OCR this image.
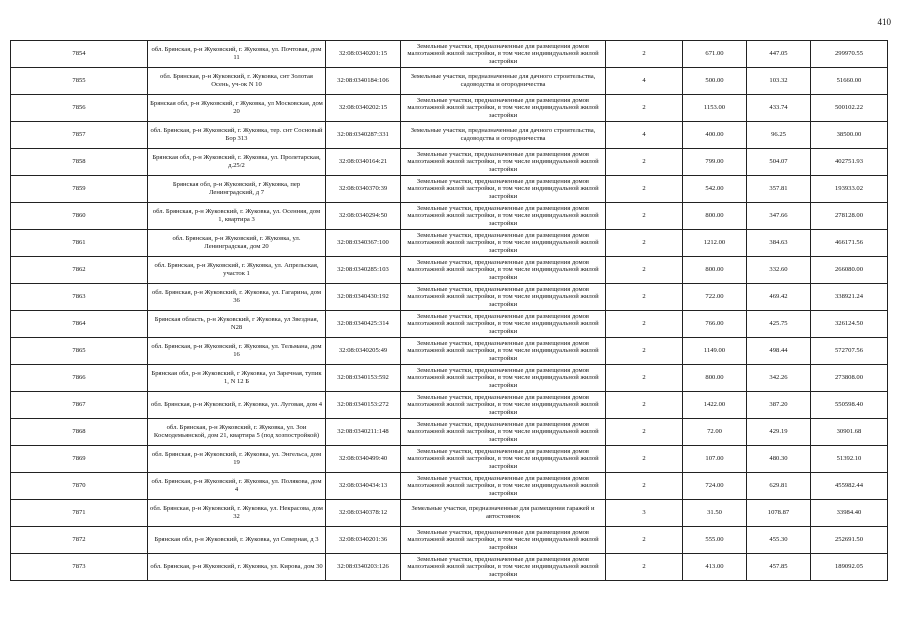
410
7854	обл. Брянская, р-н Жуковский, г. Жуковка, ул. Почтовая, дом 11	32:08:0340201:15	Земельные участки, предназначенные для размещения домов малоэтажной жилой застройки, в том числе индивидуальной жилой застройки	2	671.00	447.05	299970.55
7855	обл. Брянская, р-н Жуковский, г. Жуковка, снт Золотая Осень, уч-ок N 10	32:08:0340184:106	Земельные участки, предназначенные для дачного строительства, садоводства и огородничества	4	500.00	103.32	51660.00
7856	Брянская обл, р-н Жуковский, г Жуковка, ул Московская, дом 20	32:08:0340202:15	Земельные участки, предназначенные для размещения домов малоэтажной жилой застройки, в том числе индивидуальной жилой застройки	2	1153.00	433.74	500102.22
7857	обл. Брянская, р-н Жуковский, г. Жуковка, тер. снт Сосновый Бор 313	32:08:0340287:331	Земельные участки, предназначенные для дачного строительства, садоводства и огородничества	4	400.00	96.25	38500.00
7858	Брянская обл, р-н Жуковский, г. Жуковка, ул. Пролетарская, д.25/2	32:08:0340164:21	Земельные участки, предназначенные для размещения домов малоэтажной жилой застройки, в том числе индивидуальной жилой застройки	2	799.00	504.07	402751.93
7859	Брянская обл, р-н Жуковский, г Жуковка, пер Ленинградский, д 7	32:08:0340370:39	Земельные участки, предназначенные для размещения домов малоэтажной жилой застройки, в том числе индивидуальной жилой застройки	2	542.00	357.81	193933.02
7860	обл. Брянская, р-н Жуковский, г. Жуковка, ул. Осенняя, дом 1, квартира 3	32:08:0340294:50	Земельные участки, предназначенные для размещения домов малоэтажной жилой застройки, в том числе индивидуальной жилой застройки	2	800.00	347.66	278128.00
7861	обл. Брянская, р-н Жуковский, г. Жуковка, ул. Ленинградская, дом 20	32:08:0340367:100	Земельные участки, предназначенные для размещения домов малоэтажной жилой застройки, в том числе индивидуальной жилой застройки	2	1212.00	384.63	466171.56
7862	обл. Брянская, р-н Жуковский, г. Жуковка, ул. Апрельская, участок 1	32:08:0340285:103	Земельные участки, предназначенные для размещения домов малоэтажной жилой застройки, в том числе индивидуальной жилой застройки	2	800.00	332.60	266080.00
7863	обл. Брянская, р-н Жуковский, г. Жуковка, ул. Гагарина, дом 36	32:08:0340430:192	Земельные участки, предназначенные для размещения домов малоэтажной жилой застройки, в том числе индивидуальной жилой застройки	2	722.00	469.42	338921.24
7864	Брянская область, р-н Жуковский, г Жуковка, ул Звездная, N28	32:08:0340425:314	Земельные участки, предназначенные для размещения домов малоэтажной жилой застройки, в том числе индивидуальной жилой застройки	2	766.00	425.75	326124.50
7865	обл. Брянская, р-н Жуковский, г. Жуковка, ул. Тельмана, дом 16	32:08:0340205:49	Земельные участки, предназначенные для размещения домов малоэтажной жилой застройки, в том числе индивидуальной жилой застройки	2	1149.00	498.44	572707.56
7866	Брянская обл, р-н Жуковский, г Жуковка, ул Заречная, тупик 1, N 12 Б	32:08:0340153:592	Земельные участки, предназначенные для размещения домов малоэтажной жилой застройки, в том числе индивидуальной жилой застройки	2	800.00	342.26	273808.00
7867	обл. Брянская, р-н Жуковский, г. Жуковка, ул. Луговая, дом 4	32:08:0340153:272	Земельные участки, предназначенные для размещения домов малоэтажной жилой застройки, в том числе индивидуальной жилой застройки	2	1422.00	387.20	550598.40
7868	обл. Брянская, р-н Жуковский, г. Жуковка, ул. Зои Космодемьянской, дом 21, квартира 5 (под хозпостройкой)	32:08:0340211:148	Земельные участки, предназначенные для размещения домов малоэтажной жилой застройки, в том числе индивидуальной жилой застройки	2	72.00	429.19	30901.68
7869	обл. Брянская, р-н Жуковский, г. Жуковка, ул. Энгельса, дом 19	32:08:0340499:40	Земельные участки, предназначенные для размещения домов малоэтажной жилой застройки, в том числе индивидуальной жилой застройки	2	107.00	480.30	51392.10
7870	обл. Брянская, р-н Жуковский, г. Жуковка, ул. Полякова, дом 4	32:08:0340434:13	Земельные участки, предназначенные для размещения домов малоэтажной жилой застройки, в том числе индивидуальной жилой застройки	2	724.00	629.81	455982.44
7871	обл. Брянская, р-н Жуковский, г. Жуковка, ул. Некрасова, дом 32	32:08:0340378:12	Земельные участки, предназначенные для размещения гаражей и автостоянок	3	31.50	1078.87	33984.40
7872	Брянская обл, р-н Жуковский, г. Жуковка, ул Северная, д 3	32:08:0340201:36	Земельные участки, предназначенные для размещения домов малоэтажной жилой застройки, в том числе индивидуальной жилой застройки	2	555.00	455.30	252691.50
7873	обл. Брянская, р-н Жуковский, г. Жуковка, ул. Кирова, дом 30	32:08:0340203:126	Земельные участки, предназначенные для размещения домов малоэтажной жилой застройки, в том числе индивидуальной жилой застройки	2	413.00	457.85	189092.05
